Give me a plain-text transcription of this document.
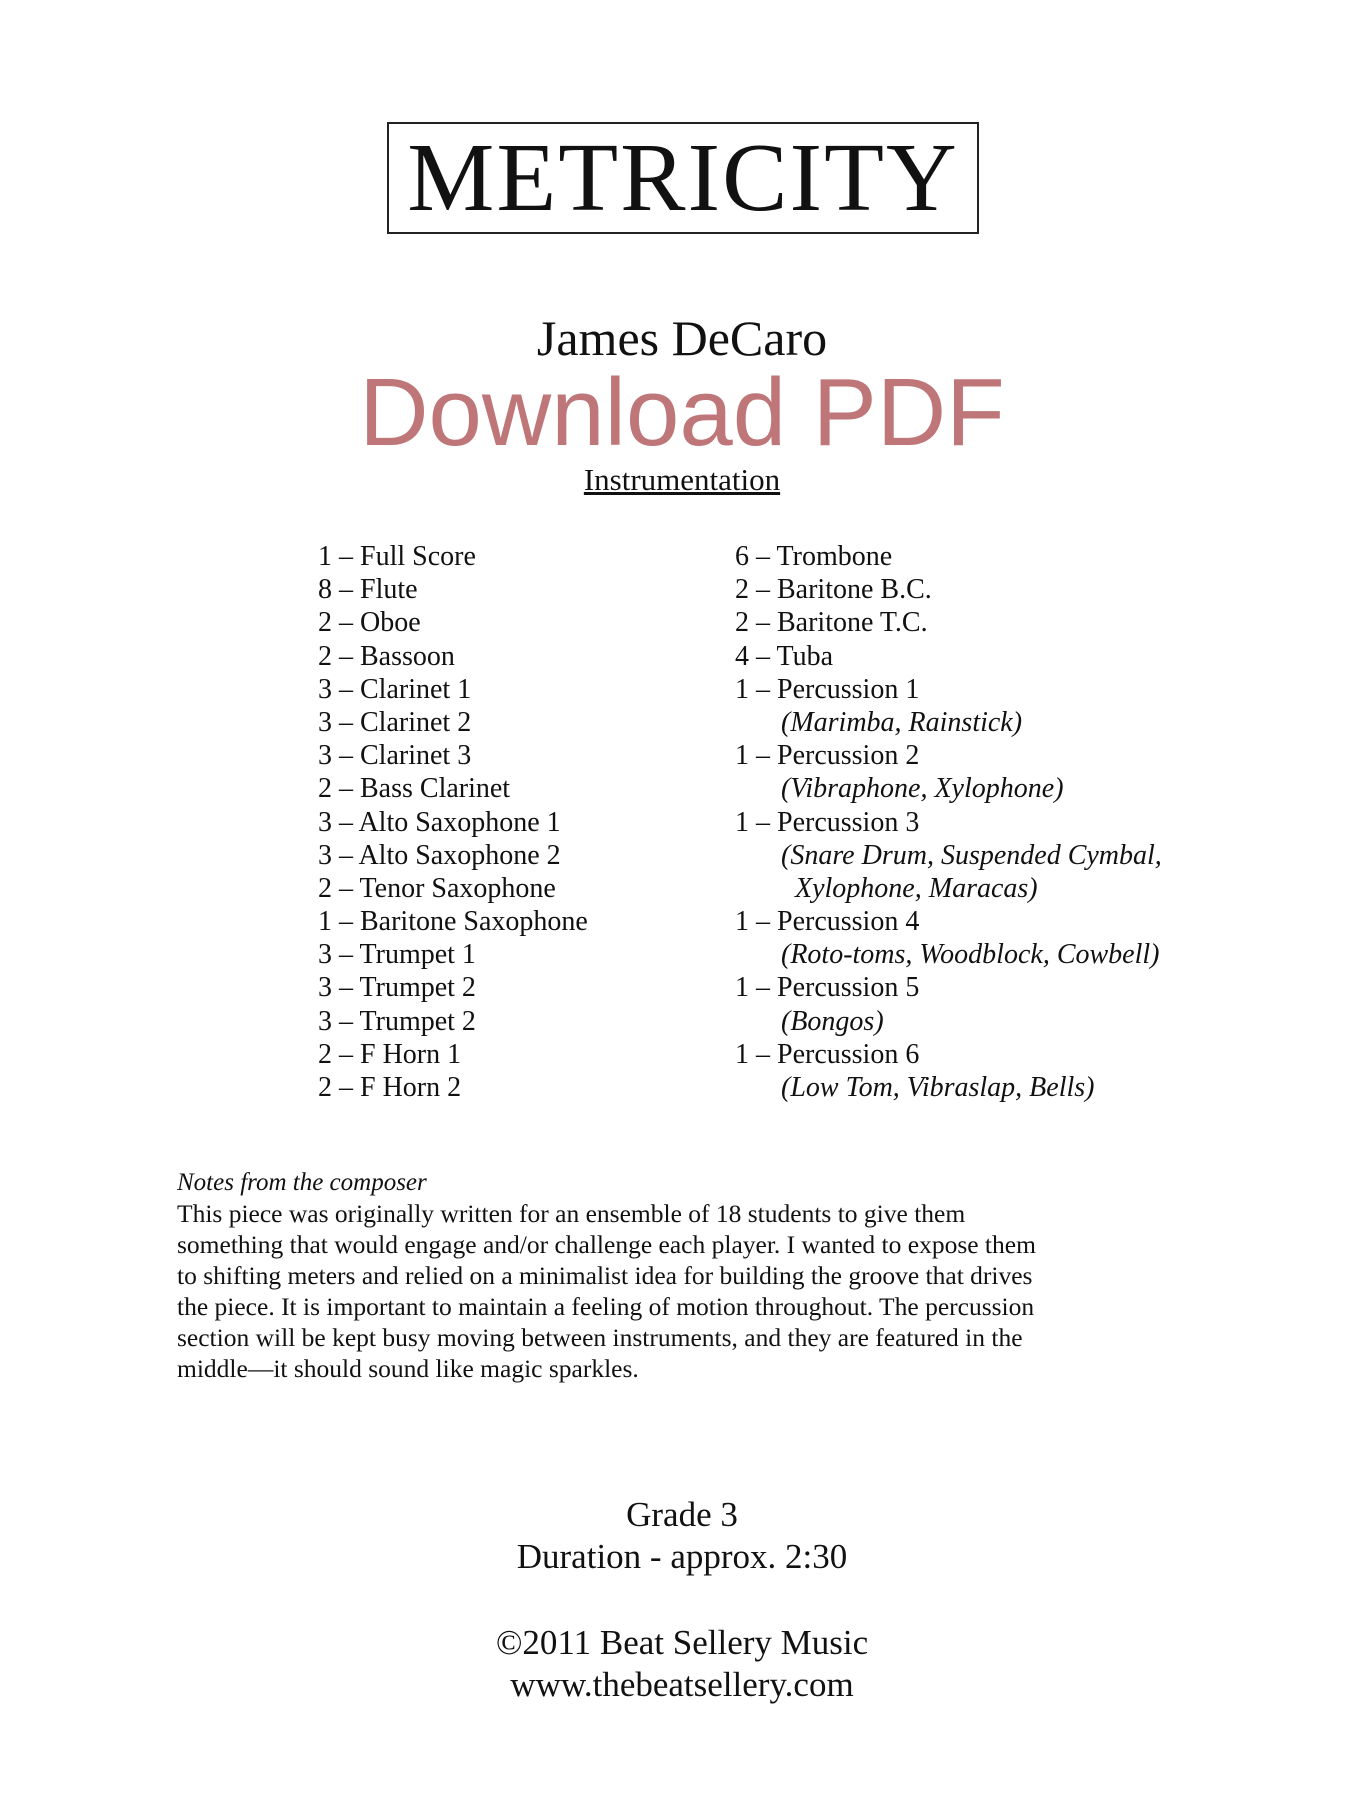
METRICITY
James DeCaro
Download PDF
Instrumentation
1 – Full Score
8 – Flute
2 – Oboe
2 – Bassoon
3 – Clarinet 1
3 – Clarinet 2
3 – Clarinet 3
2 – Bass Clarinet
3 – Alto Saxophone 1
3 – Alto Saxophone 2
2 – Tenor Saxophone
1 – Baritone Saxophone
3 – Trumpet 1
3 – Trumpet 2
3 – Trumpet 2
2 – F Horn 1
2 – F Horn 2
6 – Trombone
2 – Baritone B.C.
2 – Baritone T.C.
4 – Tuba
1 – Percussion 1
(Marimba, Rainstick)
1 – Percussion 2
(Vibraphone, Xylophone)
1 – Percussion 3
(Snare Drum, Suspended Cymbal,
Xylophone, Maracas)
1 – Percussion 4
(Roto-toms, Woodblock, Cowbell)
1 – Percussion 5
(Bongos)
1 – Percussion 6
(Low Tom, Vibraslap, Bells)
Notes from the composer
This piece was originally written for an ensemble of 18 students to give them
something that would engage and/or challenge each player. I wanted to expose them
to shifting meters and relied on a minimalist idea for building the groove that drives
the piece. It is important to maintain a feeling of motion throughout. The percussion
section will be kept busy moving between instruments, and they are featured in the
middle—it should sound like magic sparkles.
Grade 3
Duration - approx. 2:30
©2011 Beat Sellery Music
www.thebeatsellery.com
